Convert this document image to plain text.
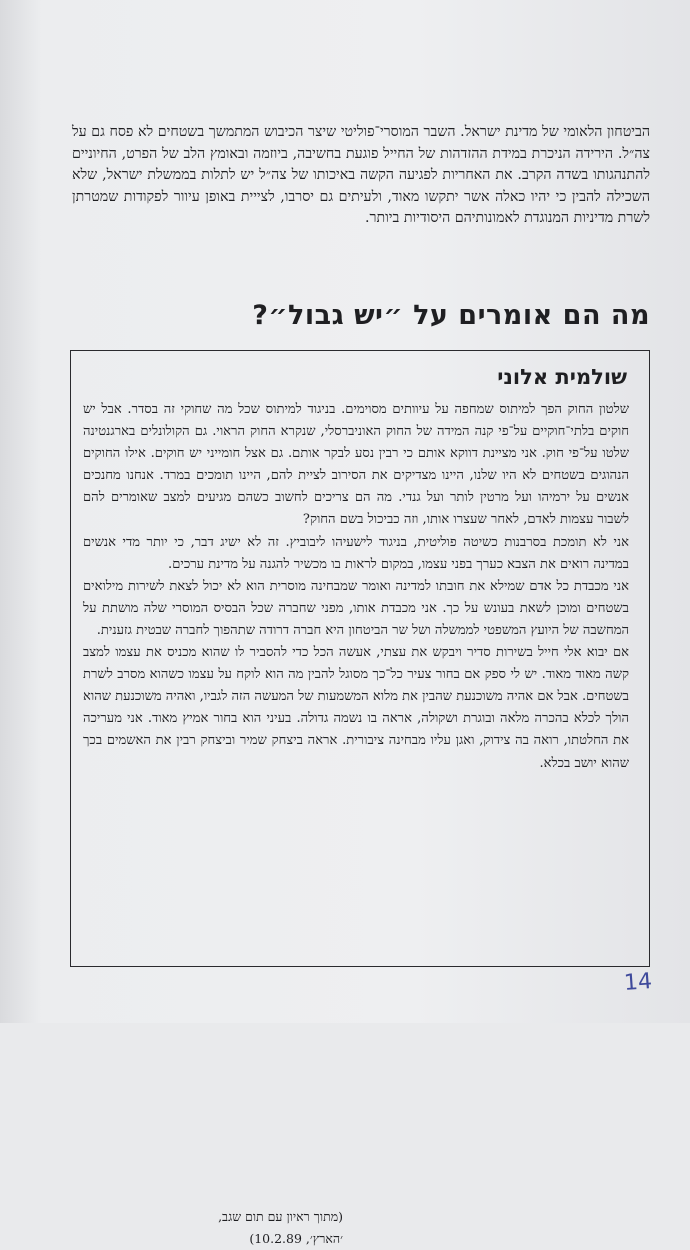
הביטחון הלאומי של מדינת ישראל. השבר המוסרי־פוליטי שיצר הכיבוש המתמשך בשטחים לא פסח גם על צה״ל. הירידה הניכרת במידת ההזדהות של החייל פוגעת בחשיבה, ביוזמה ובאומץ הלב של הפרט, החיוניים להתנהגותו בשדה הקרב. את האחריות לפגיעה הקשה באיכותו של צה״ל יש לתלות בממשלת ישראל, שלא השכילה להבין כי יהיו כאלה אשר יתקשו מאוד, ולעיתים גם יסרבו, לצייית באופן עיוור לפקודות שמטרתן לשרת מדיניות המנוגדת לאמונותיהם היסודיות ביותר.

מה הם אומרים על ״יש גבול״?
שולמית אלוני

שלטון החוק הפך למיתוס שמחפה על עיוותים מסוימים. בניגוד למיתוס שכל מה שחוקי זה בסדר. אבל יש חוקים בלתי־חוקיים על־פי קנה המידה של החוק האוניברסלי, שנקרא החוק הראוי. גם הקולונלים בארגנטינה שלטו על־פי חוק. אני מציינת דווקא אותם כי רבין נסע לבקר אותם. גם אצל חומייני יש חוקים. אילו החוקים הנהוגים בשטחים לא היו שלנו, היינו מצדיקים את הסירוב לציית להם, היינו תומכים במרד. אנחנו מחנכים אנשים על ירמיהו ועל מרטין לותר ועל גנדי. מה הם צריכים לחשוב כשהם מגיעים למצב שאומרים להם לשבור עצמות לאדם, לאחר שעצרו אותו, וזה כביכול בשם החוק?

אני לא תומכת בסרבנות כשיטה פוליטית, בניגוד לישעיהו ליבוביץ. זה לא ישיג דבר, כי יותר מדי אנשים במדינה רואים את הצבא כערך בפני עצמו, במקום לראות בו מכשיר להגנה על מדינת ערכים.

אני מכבדת כל אדם שמילא את חובתו למדינה ואומר שמבחינה מוסרית הוא לא יכול לצאת לשירות מילואים בשטחים ומוכן לשאת בעונש על כך. אני מכבדת אותו, מפני שחברה שכל הבסיס המוסרי שלה מושתת על המחשבה של היועץ המשפטי לממשלה ושל שר הביטחון היא חברה דרודה שתהפוך לחברה שבטית גזענית.

אם יבוא אלי חייל בשירות סדיר ויבקש את עצתי, אעשה הכל כדי להסביר לו שהוא מכניס את עצמו למצב קשה מאוד מאוד. יש לי ספק אם בחור צעיר כל־כך מסוגל להבין מה הוא לוקח על עצמו כשהוא מסרב לשרת בשטחים. אבל אם אהיה משוכנעת שהבין את מלוא המשמעות של המעשה הזה לגביו, ואהיה משוכנעת שהוא הולך לכלא בהכרה מלאה ובוגרת ושקולה, אראה בו נשמה גדולה. בעיני הוא בחור אמיץ מאוד. אני מעריכה את החלטתו, רואה בה צידוק, ואגן עליו מבחינה ציבורית. אראה ביצחק שמיר וביצחק רבין את האשמים בכך שהוא יושב בכלא.

(מתוך ראיון עם תום שגב,
׳הארץ׳, 10.2.89)
14
